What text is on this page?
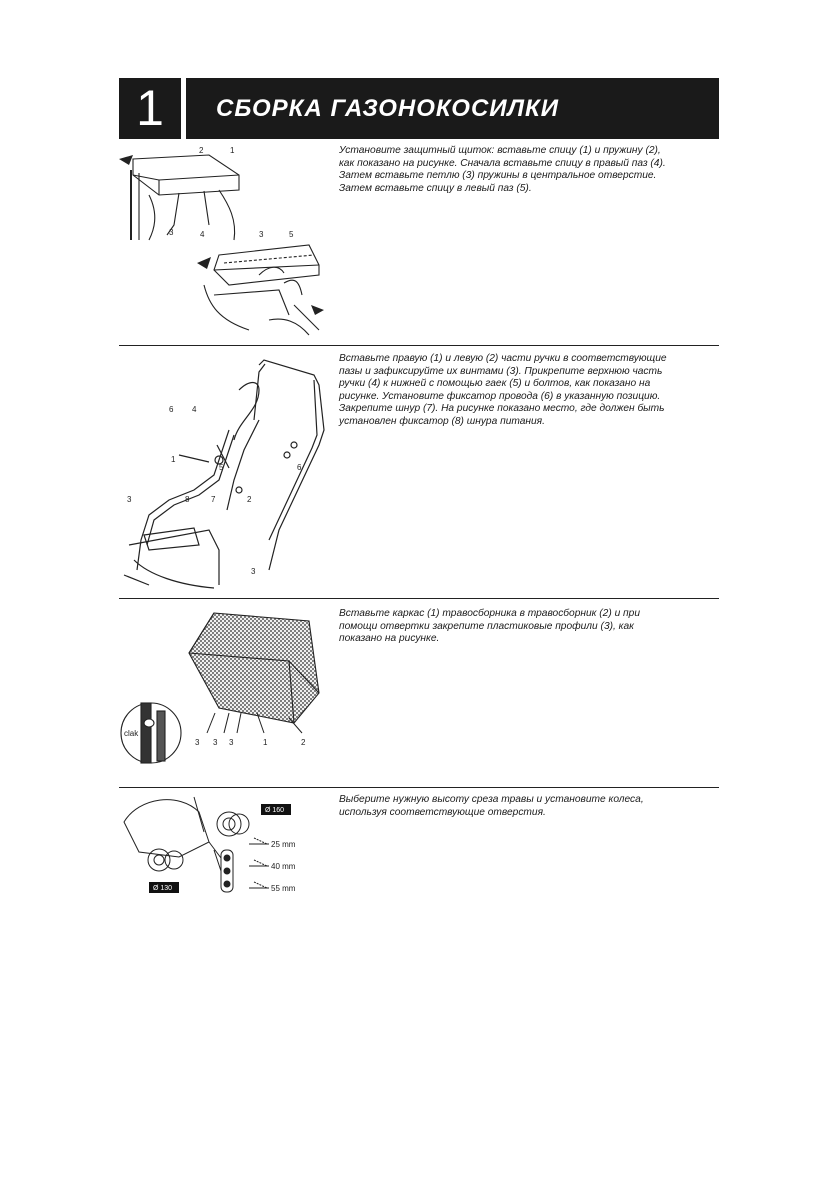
1	СБОРКА ГАЗОНОКОСИЛКИ
2	1
3	4	3	5
Установите защитный щиток: вставьте спицу (1) и пружину (2), как показано на рисунке. Сначала вставьте спицу в правый паз (4). Затем вставьте петлю (3) пружины в центральное отверстие. Затем вставьте спицу в левый паз (5).
6 4
1
5
3	8	7	2
6
3
Вставьте правую (1) и левую (2) части ручки в соответствующие пазы и зафиксируйте их винтами (3). Прикрепите верхнюю часть ручки (4) к нижней с помощью гаек (5) и болтов, как показано на рисунке. Установите фиксатор провода (6) в указанную позицию. Закрепите шнур (7). На рисунке показано место, где должен быть установлен фиксатор (8) шнура питания.
clak
3 3 3	1	2
Вставьте каркас (1) травосборника в травосборник (2) и при помощи отвертки закрепите пластиковые профили (3), как показано на рисунке.
Ø 160
Ø 130
25 mm
40 mm
55 mm
Выберите нужную высоту среза травы и установите колеса, используя соответствующие отверстия.
